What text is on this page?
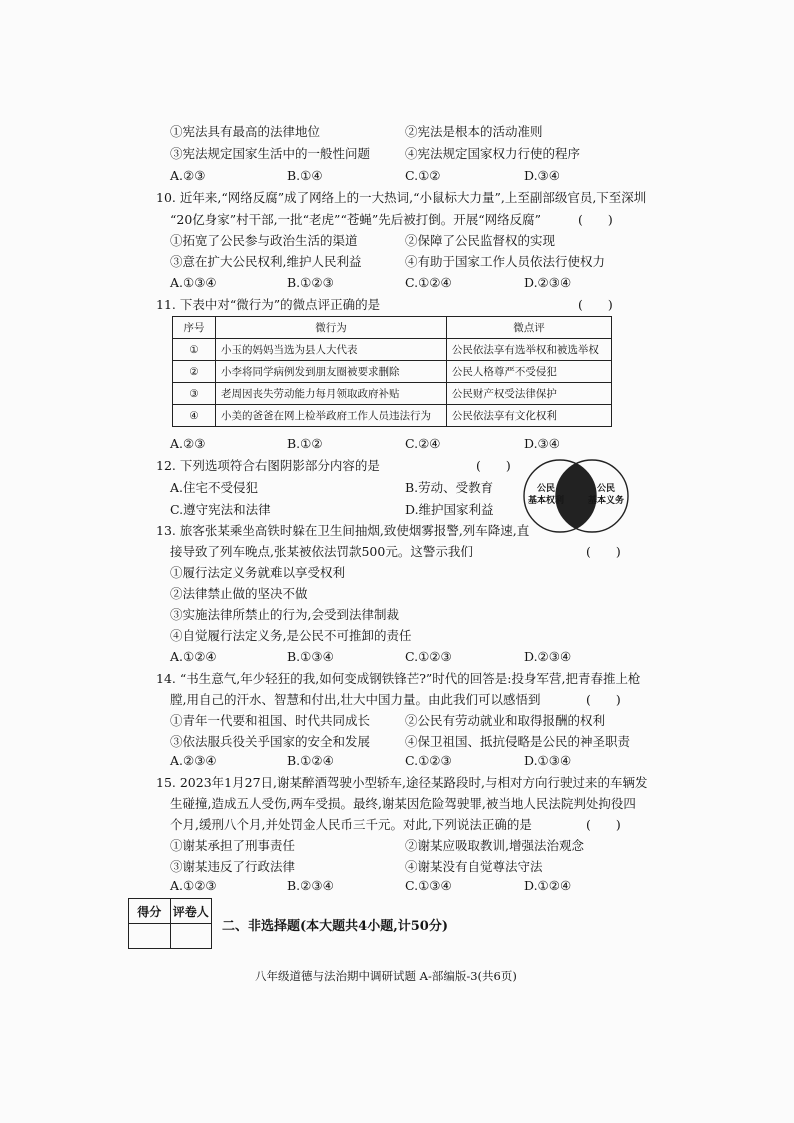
①宪法具有最高的法律地位	②宪法是根本的活动准则
③宪法规定国家生活中的一般性问题	④宪法规定国家权力行使的程序
A.②③	B.①④	C.①②	D.③④
10. 近年来,“网络反腐”成了网络上的一大热词,“小鼠标大力量”,上至副部级官员,下至深圳
“20亿身家”村干部,一批“老虎”“苍蝇”先后被打倒。开展“网络反腐”	(　　)
①拓宽了公民参与政治生活的渠道	②保障了公民监督权的实现
③意在扩大公民权利,维护人民利益	④有助于国家工作人员依法行使权力
A.①③④	B.①②③	C.①②④	D.②③④
11. 下表中对“微行为”的微点评正确的是	(　　)
序号	微行为	微点评
①	小玉的妈妈当选为县人大代表	公民依法享有选举权和被选举权
②	小李将同学病例发到朋友圈被要求删除	公民人格尊严不受侵犯
③	老周因丧失劳动能力每月领取政府补贴	公民财产权受法律保护
④	小美的爸爸在网上检举政府工作人员违法行为	公民依法享有文化权利
A.②③	B.①②	C.②④	D.③④
12. 下列选项符合右图阴影部分内容的是	(　　)
A.住宅不受侵犯	B.劳动、受教育
C.遵守宪法和法律	D.维护国家利益
公民
基本权利
公民
基本义务
13. 旅客张某乘坐高铁时躲在卫生间抽烟,致使烟雾报警,列车降速,直
接导致了列车晚点,张某被依法罚款500元。这警示我们	(　　)
①履行法定义务就难以享受权利
②法律禁止做的坚决不做
③实施法律所禁止的行为,会受到法律制裁
④自觉履行法定义务,是公民不可推卸的责任
A.①②④	B.①③④	C.①②③	D.②③④
14. “书生意气,年少轻狂的我,如何变成钢铁锋芒?”时代的回答是:投身军营,把青春推上枪
膛,用自己的汗水、智慧和付出,壮大中国力量。由此我们可以感悟到	(　　)
①青年一代要和祖国、时代共同成长	②公民有劳动就业和取得报酬的权利
③依法服兵役关乎国家的安全和发展	④保卫祖国、抵抗侵略是公民的神圣职责
A.②③④	B.①②④	C.①②③	D.①③④
15. 2023年1月27日,谢某醉酒驾驶小型轿车,途径某路段时,与相对方向行驶过来的车辆发
生碰撞,造成五人受伤,两车受损。最终,谢某因危险驾驶罪,被当地人民法院判处拘役四
个月,缓刑八个月,并处罚金人民币三千元。对此,下列说法正确的是	(　　)
①谢某承担了刑事责任	②谢某应吸取教训,增强法治观念
③谢某违反了行政法律	④谢某没有自觉尊法守法
A.①②③	B.②③④	C.①③④	D.①②④
得分	评卷人

二、非选择题(本大题共4小题,计50分)
八年级道德与法治期中调研试题 A-部编版-3(共6页)
